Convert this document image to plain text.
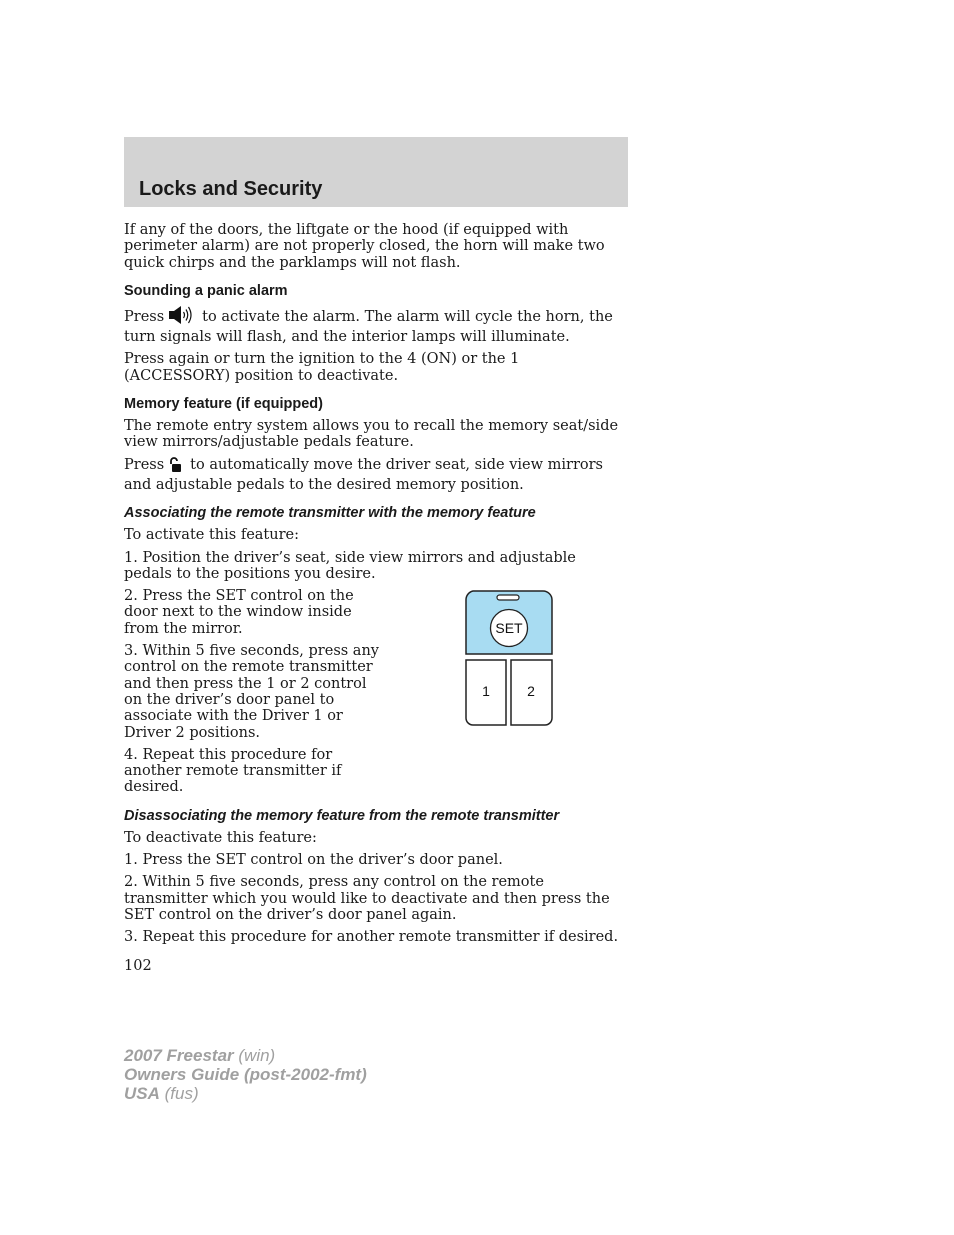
Locks and Security

If any of the doors, the liftgate or the hood (if equipped with perimeter alarm) are not properly closed, the horn will make two quick chirps and the parklamps will not flash.

Sounding a panic alarm

Press	to activate the alarm. The alarm will cycle the horn, the turn signals will flash, and the interior lamps will illuminate.

Press again or turn the ignition to the 4 (ON) or the 1 (ACCESSORY) position to deactivate.

Memory feature (if equipped)

The remote entry system allows you to recall the memory seat/side view mirrors/adjustable pedals feature.

Press to automatically move the driver seat, side view mirrors and adjustable pedals to the desired memory position.

Associating the remote transmitter with the memory feature

To activate this feature:

1. Position the driver’s seat, side view mirrors and adjustable pedals to the positions you desire.

2. Press the SET control on the door next to the window inside from the mirror.

3. Within 5 five seconds, press any control on the remote transmitter and then press the 1 or 2 control on the driver’s door panel to associate with the Driver 1 or Driver 2 positions.

4. Repeat this procedure for another remote transmitter if desired.

SET
1	2
Disassociating the memory feature from the remote transmitter

To deactivate this feature:

1. Press the SET control on the driver’s door panel.

2. Within 5 five seconds, press any control on the remote transmitter which you would like to deactivate and then press the SET control on the driver’s door panel again.

3. Repeat this procedure for another remote transmitter if desired.

102

2007 Freestar (win)
Owners Guide (post-2002-fmt)
USA (fus)
